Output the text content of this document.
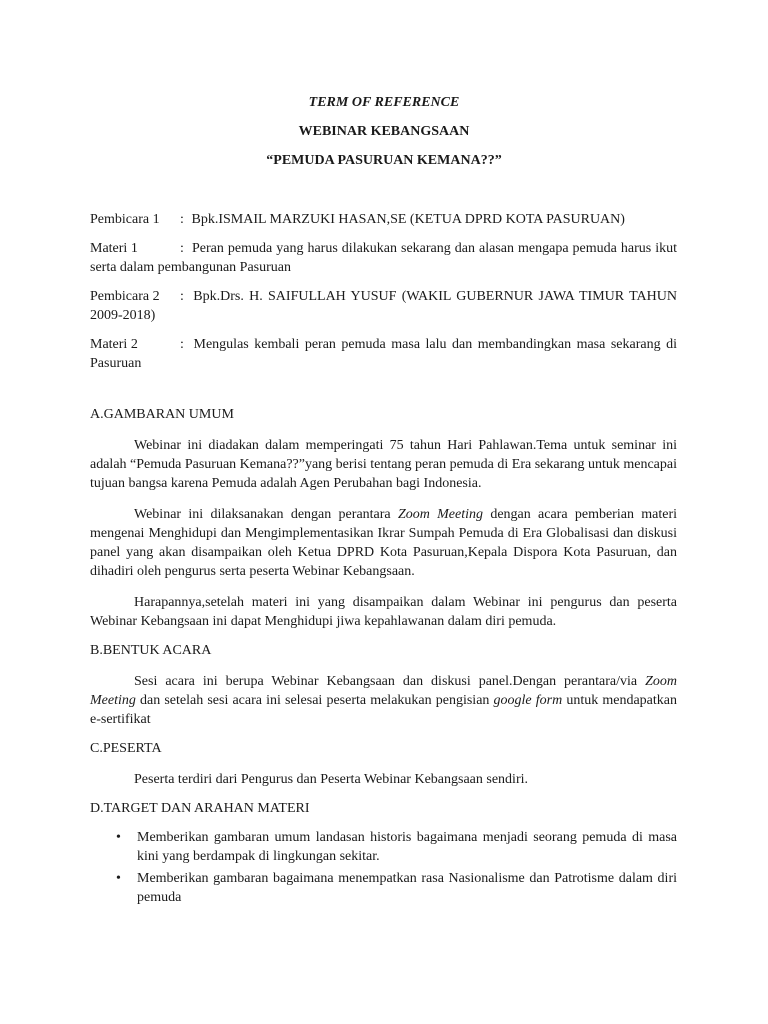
TERM OF REFERENCE
WEBINAR KEBANGSAAN
“PEMUDA PASURUAN KEMANA??”
Pembicara 1 : Bpk.ISMAIL MARZUKI HASAN,SE (KETUA DPRD KOTA PASURUAN)
Materi 1	: Peran pemuda yang harus dilakukan sekarang dan alasan mengapa pemuda harus ikut serta dalam pembangunan Pasuruan
Pembicara 2 : Bpk.Drs. H. SAIFULLAH YUSUF (WAKIL GUBERNUR JAWA TIMUR TAHUN 2009-2018)
Materi 2	: Mengulas kembali peran pemuda masa lalu dan membandingkan masa sekarang di Pasuruan
A.GAMBARAN UMUM
Webinar ini diadakan dalam memperingati 75 tahun Hari Pahlawan.Tema untuk seminar ini adalah “Pemuda Pasuruan Kemana??”yang berisi tentang peran pemuda di Era sekarang untuk mencapai tujuan bangsa karena Pemuda adalah Agen Perubahan bagi Indonesia.
Webinar ini dilaksanakan dengan perantara Zoom Meeting dengan acara pemberian materi mengenai Menghidupi dan Mengimplementasikan Ikrar Sumpah Pemuda di Era Globalisasi dan diskusi panel yang akan disampaikan oleh Ketua DPRD Kota Pasuruan,Kepala Dispora Kota Pasuruan, dan dihadiri oleh pengurus serta peserta Webinar Kebangsaan.
Harapannya,setelah materi ini yang disampaikan dalam Webinar ini pengurus dan peserta Webinar Kebangsaan ini dapat Menghidupi jiwa kepahlawanan dalam diri pemuda.
B.BENTUK ACARA
Sesi acara ini berupa Webinar Kebangsaan dan diskusi panel.Dengan perantara/via Zoom Meeting dan setelah sesi acara ini selesai peserta melakukan pengisian google form untuk mendapatkan e-sertifikat
C.PESERTA
Peserta terdiri dari Pengurus dan Peserta Webinar Kebangsaan sendiri.
D.TARGET DAN ARAHAN MATERI
• Memberikan gambaran umum landasan historis bagaimana menjadi seorang pemuda di masa kini yang berdampak di lingkungan sekitar.
• Memberikan gambaran bagaimana menempatkan rasa Nasionalisme dan Patrotisme dalam diri pemuda
